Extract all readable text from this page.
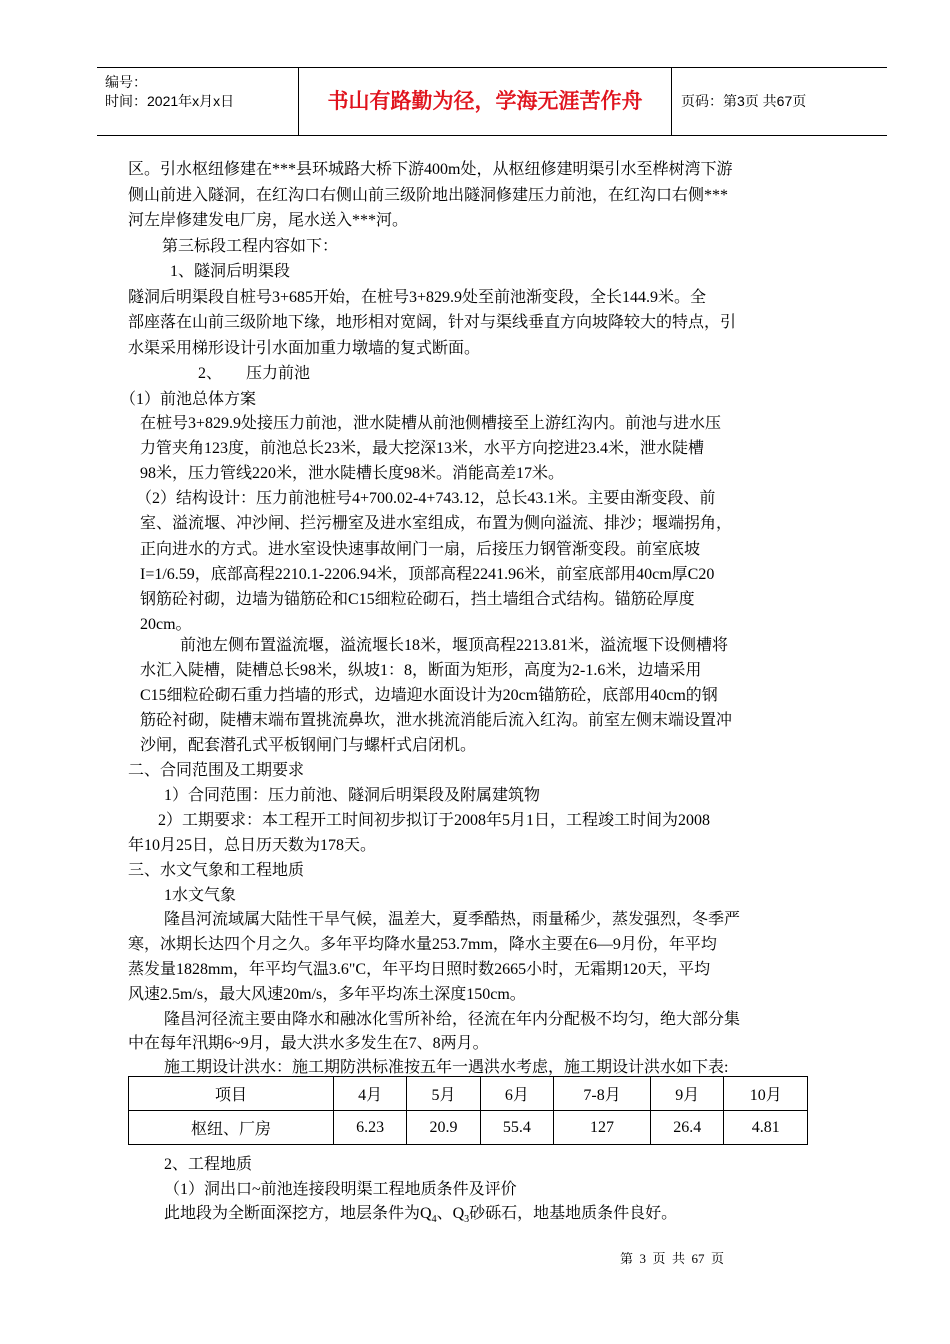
编号：
时间：2021年x月x日	书山有路勤为径，学海无涯苦作舟	页码：第3页 共67页
区。引水枢纽修建在***县环城路大桥下游400m处，从枢纽修建明渠引水至桦树湾下游
侧山前进入隧洞，在红沟口右侧山前三级阶地出隧洞修建压力前池，在红沟口右侧***
河左岸修建发电厂房，尾水送入***河。
第三标段工程内容如下：
1、隧洞后明渠段
隧洞后明渠段自桩号3+685开始，在桩号3+829.9处至前池渐变段，全长144.9米。全
部座落在山前三级阶地下缘，地形相对宽阔，针对与渠线垂直方向坡降较大的特点，引
水渠采用梯形设计引水面加重力墩墙的复式断面。
2、      压力前池
（1）前池总体方案
在桩号3+829.9处接压力前池，泄水陡槽从前池侧槽接至上游红沟内。前池与进水压
力管夹角123度，前池总长23米，最大挖深13米，水平方向挖进23.4米，泄水陡槽
98米，压力管线220米，泄水陡槽长度98米。消能高差17米。
（2）结构设计：压力前池桩号4+700.02-4+743.12，总长43.1米。主要由渐变段、前
室、溢流堰、冲沙闸、拦污栅室及进水室组成，布置为侧向溢流、排沙；堰端拐角，
正向进水的方式。进水室设快速事故闸门一扇，后接压力钢管渐变段。前室底坡
I=1/6.59，底部高程2210.1-2206.94米，顶部高程2241.96米，前室底部用40cm厚C20
钢筋砼衬砌，边墙为锚筋砼和C15细粒砼砌石，挡土墙组合式结构。锚筋砼厚度
20cm。
前池左侧布置溢流堰，溢流堰长18米，堰顶高程2213.81米，溢流堰下设侧槽将
水汇入陡槽，陡槽总长98米，纵坡1：8，断面为矩形，高度为2-1.6米，边墙采用
C15细粒砼砌石重力挡墙的形式，边墙迎水面设计为20cm锚筋砼，底部用40cm的钢
筋砼衬砌，陡槽末端布置挑流鼻坎，泄水挑流消能后流入红沟。前室左侧末端设置冲
沙闸，配套潜孔式平板钢闸门与螺杆式启闭机。
二、合同范围及工期要求
1）合同范围：压力前池、隧洞后明渠段及附属建筑物
2）工期要求：本工程开工时间初步拟订于2008年5月1日，工程竣工时间为2008
年10月25日，总日历天数为178天。
三、水文气象和工程地质
1水文气象
隆昌河流域属大陆性干旱气候，温差大，夏季酷热，雨量稀少，蒸发强烈，冬季严
寒，冰期长达四个月之久。多年平均降水量253.7mm，降水主要在6—9月份，年平均
蒸发量1828mm，年平均气温3.6"C，年平均日照时数2665小时，无霜期120天，平均
风速2.5m/s，最大风速20m/s，多年平均冻土深度150cm。
隆昌河径流主要由降水和融冰化雪所补给，径流在年内分配极不均匀，绝大部分集
中在每年汛期6~9月，最大洪水多发生在7、8两月。
施工期设计洪水：施工期防洪标准按五年一遇洪水考虑，施工期设计洪水如下表:
项目	4月	5月	6月	7-8月	9月	10月
枢纽、厂房	6.23	20.9	55.4	127	26.4	4.81
2、工程地质
（1）洞出口~前池连接段明渠工程地质条件及评价
此地段为全断面深挖方，地层条件为$Q_4$、$Q_3$砂砾石，地基地质条件良好。
第  3  页  共  67  页
